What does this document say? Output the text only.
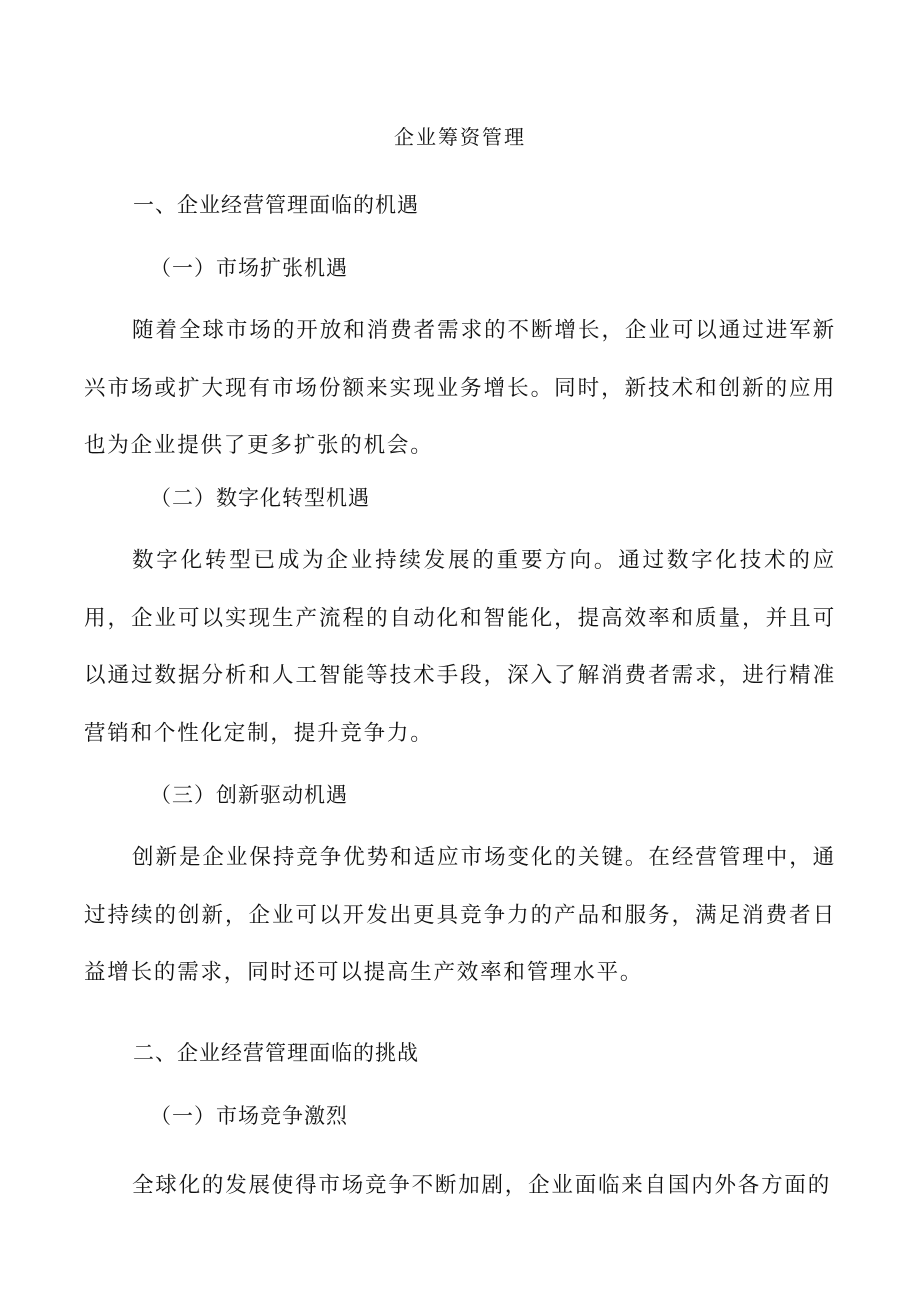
企业筹资管理
一、企业经营管理面临的机遇
（一）市场扩张机遇
随着全球市场的开放和消费者需求的不断增长，企业可以通过进军新兴市场或扩大现有市场份额来实现业务增长。同时，新技术和创新的应用也为企业提供了更多扩张的机会。
（二）数字化转型机遇
数字化转型已成为企业持续发展的重要方向。通过数字化技术的应用，企业可以实现生产流程的自动化和智能化，提高效率和质量，并且可以通过数据分析和人工智能等技术手段，深入了解消费者需求，进行精准营销和个性化定制，提升竞争力。
（三）创新驱动机遇
创新是企业保持竞争优势和适应市场变化的关键。在经营管理中，通过持续的创新，企业可以开发出更具竞争力的产品和服务，满足消费者日益增长的需求，同时还可以提高生产效率和管理水平。
二、企业经营管理面临的挑战
（一）市场竞争激烈
全球化的发展使得市场竞争不断加剧，企业面临来自国内外各方面的
